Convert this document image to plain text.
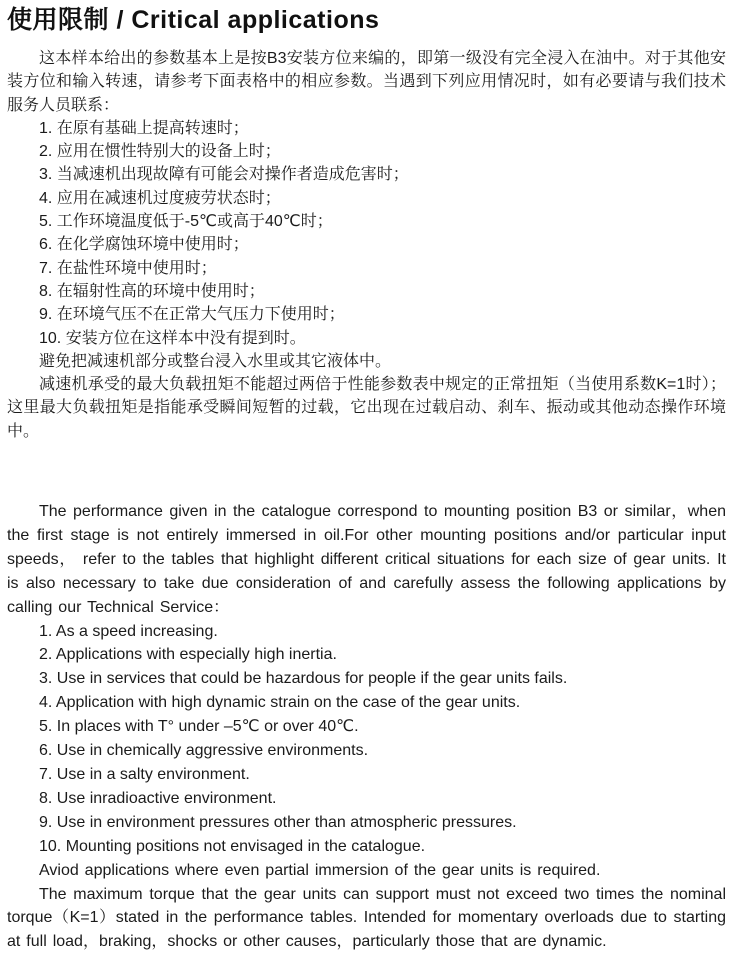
使用限制 / Critical applications

这本样本给出的参数基本上是按B3安装方位来编的，即第一级没有完全浸入在油中。对于其他安装方位和输入转速，请参考下面表格中的相应参数。当遇到下列应用情况时，如有必要请与我们技术服务人员联系：

1. 在原有基础上提高转速时；
2. 应用在惯性特别大的设备上时；
3. 当减速机出现故障有可能会对操作者造成危害时；
4. 应用在减速机过度疲劳状态时；
5. 工作环境温度低于-5℃或高于40℃时；
6. 在化学腐蚀环境中使用时；
7. 在盐性环境中使用时；
8. 在辐射性高的环境中使用时；
9. 在环境气压不在正常大气压力下使用时；
10. 安装方位在这样本中没有提到时。

避免把减速机部分或整台浸入水里或其它液体中。

减速机承受的最大负载扭矩不能超过两倍于性能参数表中规定的正常扭矩（当使用系数K=1时）；这里最大负载扭矩是指能承受瞬间短暂的过载，它出现在过载启动、刹车、振动或其他动态操作环境中。

The performance given in the catalogue correspond to mounting position B3 or similar，when the first stage is not entirely immersed in oil.For other mounting positions and/or particular input speeds， refer to the tables that highlight different critical situations for each size of gear units. It is also necessary to take due consideration of and carefully assess the following applications by calling our Technical Service：

1. As a speed increasing.
2. Applications with especially high inertia.
3. Use in services that could be hazardous for people if the gear units fails.
4. Application with high dynamic strain on the case of the gear units.
5. In places with T° under –5℃ or over 40℃.
6. Use in chemically aggressive environments.
7. Use in a salty environment.
8. Use inradioactive environment.
9. Use in environment pressures other than atmospheric pressures.
10. Mounting positions not envisaged in the catalogue.

Aviod applications where even partial immersion of the gear units is required.

The maximum torque that the gear units can support must not exceed two times the nominal torque（K=1）stated in the performance tables. Intended for momentary overloads due to starting at full load，braking，shocks or other causes，particularly those that are dynamic.
